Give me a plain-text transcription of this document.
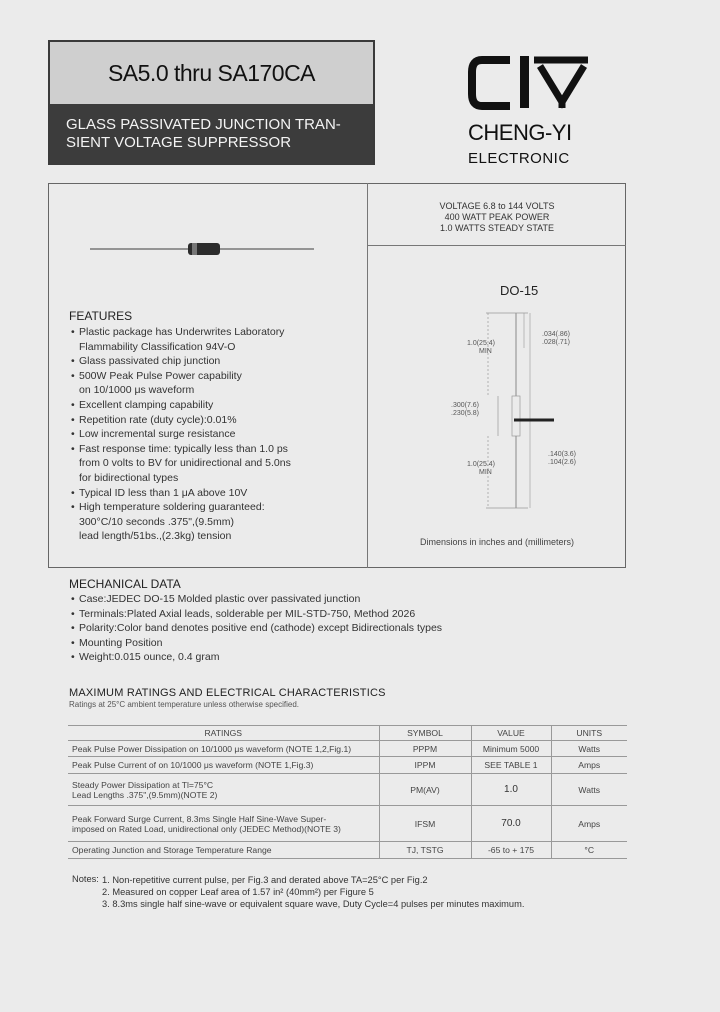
SA5.0 thru SA170CA
GLASS PASSIVATED JUNCTION TRAN-
SIENT VOLTAGE SUPPRESSOR	CHENG-YI
ELECTRONIC
VOLTAGE 6.8 to 144 VOLTS
400 WATT PEAK POWER
1.0 WATTS STEADY STATE
FEATURES
• Plastic package has Underwrites Laboratory
Flammability Classification 94V-O
• Glass passivated chip junction
• 500W Peak Pulse Power capability
on 10/1000 μs waveform
• Excellent clamping capability
• Repetition rate (duty cycle):0.01%
• Low incremental surge resistance
• Fast response time: typically less than 1.0 ps
from 0 volts to BV for unidirectional and 5.0ns
for bidirectional types
• Typical ID less than 1 μA above 10V
• High temperature soldering guaranteed:
300°C/10 seconds .375",(9.5mm)
lead length/51bs.,(2.3kg) tension
DO-15
1.0(25.4)
MIN
.034(.86)
.028(.71)
.300(7.6)
.230(5.8)
.140(3.6)
.104(2.6)
1.0(25.4)
MIN
Dimensions in inches and (millimeters)
MECHANICAL DATA
• Case:JEDEC DO-15 Molded plastic over passivated junction
• Terminals:Plated Axial leads, solderable per MIL-STD-750, Method 2026
• Polarity:Color band denotes positive end (cathode) except Bidirectionals types
• Mounting Position
• Weight:0.015 ounce, 0.4 gram
MAXIMUM RATINGS AND ELECTRICAL CHARACTERISTICS
Ratings at 25°C ambient temperature unless otherwise specified.
RATINGS	SYMBOL	VALUE	UNITS
Peak Pulse Power Dissipation on 10/1000 μs waveform (NOTE 1,2,Fig.1)	PPPM	Minimum 5000	Watts
Peak Pulse Current of on 10/1000 μs waveform (NOTE 1,Fig.3)	IPPM	SEE TABLE 1	Amps

Steady Power Dissipation at Tl=75°C
Lead Lengths .375",(9.5mm)(NOTE 2)	PM(AV)	1.0	Watts

Peak Forward Surge Current, 8.3ms Single Half Sine-Wave Super-
imposed on Rated Load, unidirectional only (JEDEC Method)(NOTE 3)	IFSM	70.0	Amps
Operating Junction and Storage Temperature Range	TJ, TSTG	-65 to + 175	°C
Notes: 1. Non-repetitive current pulse, per Fig.3 and derated above TA=25°C per Fig.2
2. Measured on copper Leaf area of 1.57 in² (40mm²) per Figure 5
3. 8.3ms single half sine-wave or equivalent square wave, Duty Cycle=4 pulses per minutes maximum.
